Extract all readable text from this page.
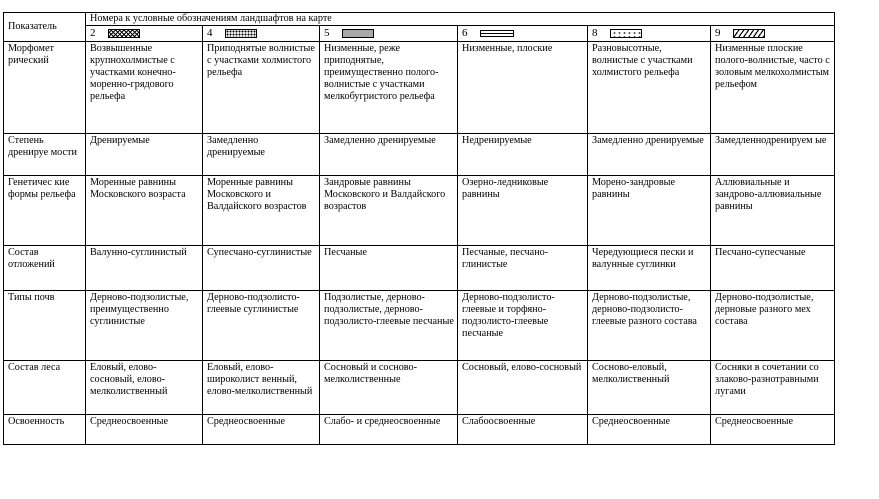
Показатель	Номера к условные обозначениям ландшафтов на карте					
	2	4	5	6	8	9
Морфомет рический	Возвышенные крупнохолмистые с участками конечно-моренно-грядового рельефа	Приподнятые волнистые с участками холмистого рельефа	Низменные, реже приподнятые, преимущественно полого-волнистые с участками мелкобугристого рельефа	Низменные, плоские	Разновысотные, волнистые с участками холмистого рельефа	Низменные плоские полого-волнистые, часто с золовым мелкохолмистым рельефом
Степень дренируе мости	Дренируемые	Замедленно дренируемые	Замедленно дренируемые	Недренируемые	Замедленно дренируемые	Замедленнодренируем ые
Генетичес кие формы рельефа	Моренные равнины Московского возраста	Моренные равнины Московского и Валдайского возрастов	Зандровые равнины Московского и Валдайского возрастов	Озерно-ледниковые равнины	Морено-зандровые равнины	Аллювиальные и зандрово-аллювиальные равнины
Состав отложений	Валунно-суглинистый	Супесчано-суглинистые	Песчаные	Песчаные, песчано-глинистые	Чередующиеся пески и валунные суглинки	Песчано-супесчаные
Типы почв	Дерново-подзолистые, преимущественно суглинистые	Дерново-подзолисто-глеевые суглинистые	Подзолистые, дерново-подзолистые, дерново-подзолисто-глеевые песчаные	Дерново-подзолисто-глеевые и торфяно-подзолисто-глеевые песчаные	Дерново-подзолистые, дерново-подзолисто-глеевые разного состава	Дерново-подзолистые, дерновые разного мех состава
Состав леса	Еловый, елово-сосновый, елово-мелколиственный	Еловый, елово-широколист венный, елово-мелколиственный	Сосновый и сосново-мелколиственные	Сосновый, елово-сосновый	Сосново-еловый, мелколиственный	Сосняки в сочетании со злаково-разнотравными лугами
Освоенность	Среднеосвоенные	Среднеосвоенные	Слабо- и среднеосвоенные	Слабоосвоенные	Среднеосвоенные	Среднеосвоенные
